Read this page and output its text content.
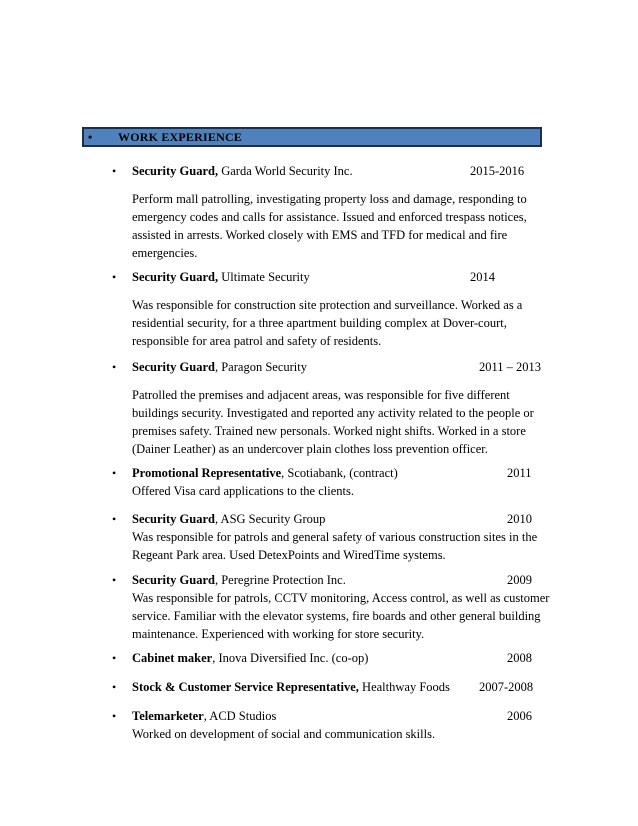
• WORK EXPERIENCE
• Security Guard, Garda World Security Inc.	2015-2016

Perform mall patrolling, investigating property loss and damage, responding to emergency codes and calls for assistance. Issued and enforced trespass notices, assisted in arrests. Worked closely with EMS and TFD for medical and fire emergencies.

• Security Guard, Ultimate Security	2014

Was responsible for construction site protection and surveillance. Worked as a residential security, for a three apartment building complex at Dover-court, responsible for area patrol and safety of residents.

• Security Guard, Paragon Security	2011 – 2013

Patrolled the premises and adjacent areas, was responsible for five different buildings security. Investigated and reported any activity related to the people or premises safety. Trained new personals. Worked night shifts. Worked in a store (Dainer Leather) as an undercover plain clothes loss prevention officer.

• Promotional Representative, Scotiabank, (contract)	2011

Offered Visa card applications to the clients.

• Security Guard, ASG Security Group	2010

Was responsible for patrols and general safety of various construction sites in the Regeant Park area. Used DetexPoints and WiredTime systems.

• Security Guard, Peregrine Protection Inc.	2009

Was responsible for patrols, CCTV monitoring, Access control, as well as customer service. Familiar with the elevator systems, fire boards and other general building maintenance. Experienced with working for store security.

• Cabinet maker, Inova Diversified Inc. (co-op)	2008
• Stock & Customer Service Representative, Healthway Foods 2007-2008
• Telemarketer, ACD Studios	2006

Worked on development of social and communication skills.
